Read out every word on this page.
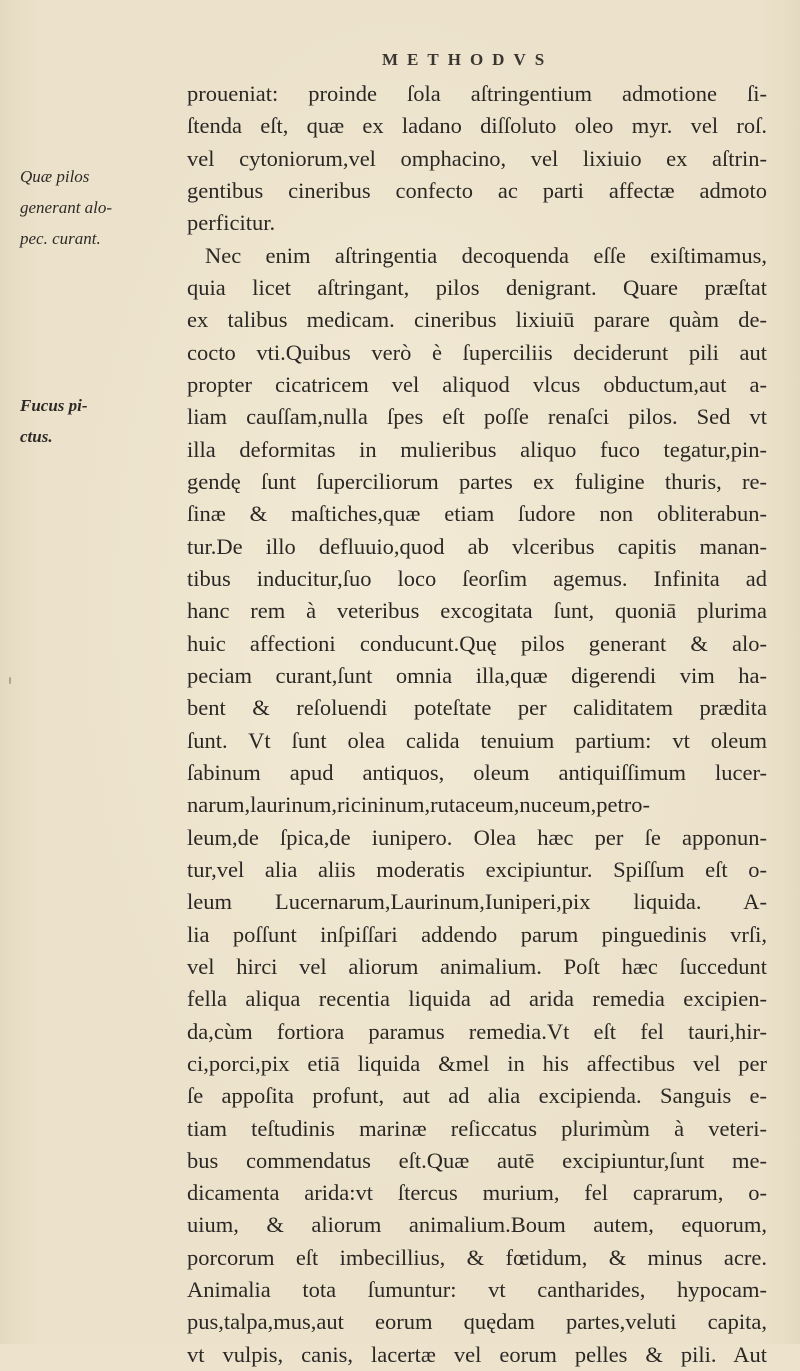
METHODVS
Quæ pilos
generant alo-
pec. curant.
Fucus pi-
ctus.
proueniat: proinde ſola aſtringentium admotione ſi-
ſtenda eſt, quæ ex ladano diſſoluto oleo myr. vel roſ.
vel cytoniorum,vel omphacino, vel lixiuio ex aſtrin-
gentibus cineribus confecto ac parti affectæ admoto
perficitur.
Nec enim aſtringentia decoquenda eſſe exiſtimamus,
quia licet aſtringant, pilos denigrant. Quare præſtat
ex talibus medicam. cineribus lixiuiū parare quàm de-
cocto vti.Quibus verò è ſuperciliis deciderunt pili aut
propter cicatricem vel aliquod vlcus obductum,aut a-
liam cauſſam,nulla ſpes eſt poſſe renaſci pilos. Sed vt
illa deformitas in mulieribus aliquo fuco tegatur,pin-
gendę ſunt ſuperciliorum partes ex fuligine thuris, re-
ſinæ & maſtiches,quæ etiam ſudore non obliterabun-
tur.De illo defluuio,quod ab vlceribus capitis manan-
tibus inducitur,ſuo loco ſeorſim agemus. Infinita ad
hanc rem à veteribus excogitata ſunt, quoniā plurima
huic affectioni conducunt.Quę pilos generant & alo-
peciam curant,ſunt omnia illa,quæ digerendi vim ha-
bent & reſoluendi poteſtate per caliditatem prædita
ſunt. Vt ſunt olea calida tenuium partium: vt oleum
ſabinum apud antiquos, oleum antiquiſſimum lucer-
narum,laurinum,ricininum,rutaceum,nuceum,petro-
leum,de ſpica,de iunipero. Olea hæc per ſe apponun-
tur,vel alia aliis moderatis excipiuntur. Spiſſum eſt o-
leum Lucernarum,Laurinum,Iuniperi,pix liquida. A-
lia poſſunt inſpiſſari addendo parum pinguedinis vrſi,
vel hirci vel aliorum animalium. Poſt hæc ſuccedunt
fella aliqua recentia liquida ad arida remedia excipien-
da,cùm fortiora paramus remedia.Vt eſt fel tauri,hir-
ci,porci,pix etiā liquida &mel in his affectibus vel per
ſe appoſita profunt, aut ad alia excipienda. Sanguis e-
tiam teſtudinis marinæ reſiccatus plurimùm à veteri-
bus commendatus eſt.Quæ autē excipiuntur,ſunt me-
dicamenta arida:vt ſtercus murium, fel caprarum, o-
uium, & aliorum animalium.Boum autem, equorum,
porcorum eſt imbecillius, & fœtidum, & minus acre.
Animalia tota ſumuntur: vt cantharides, hypocam-
pus,talpa,mus,aut eorum quędam partes,veluti capita,
vt vulpis, canis, lacertæ vel eorum pelles & pili. Aut
